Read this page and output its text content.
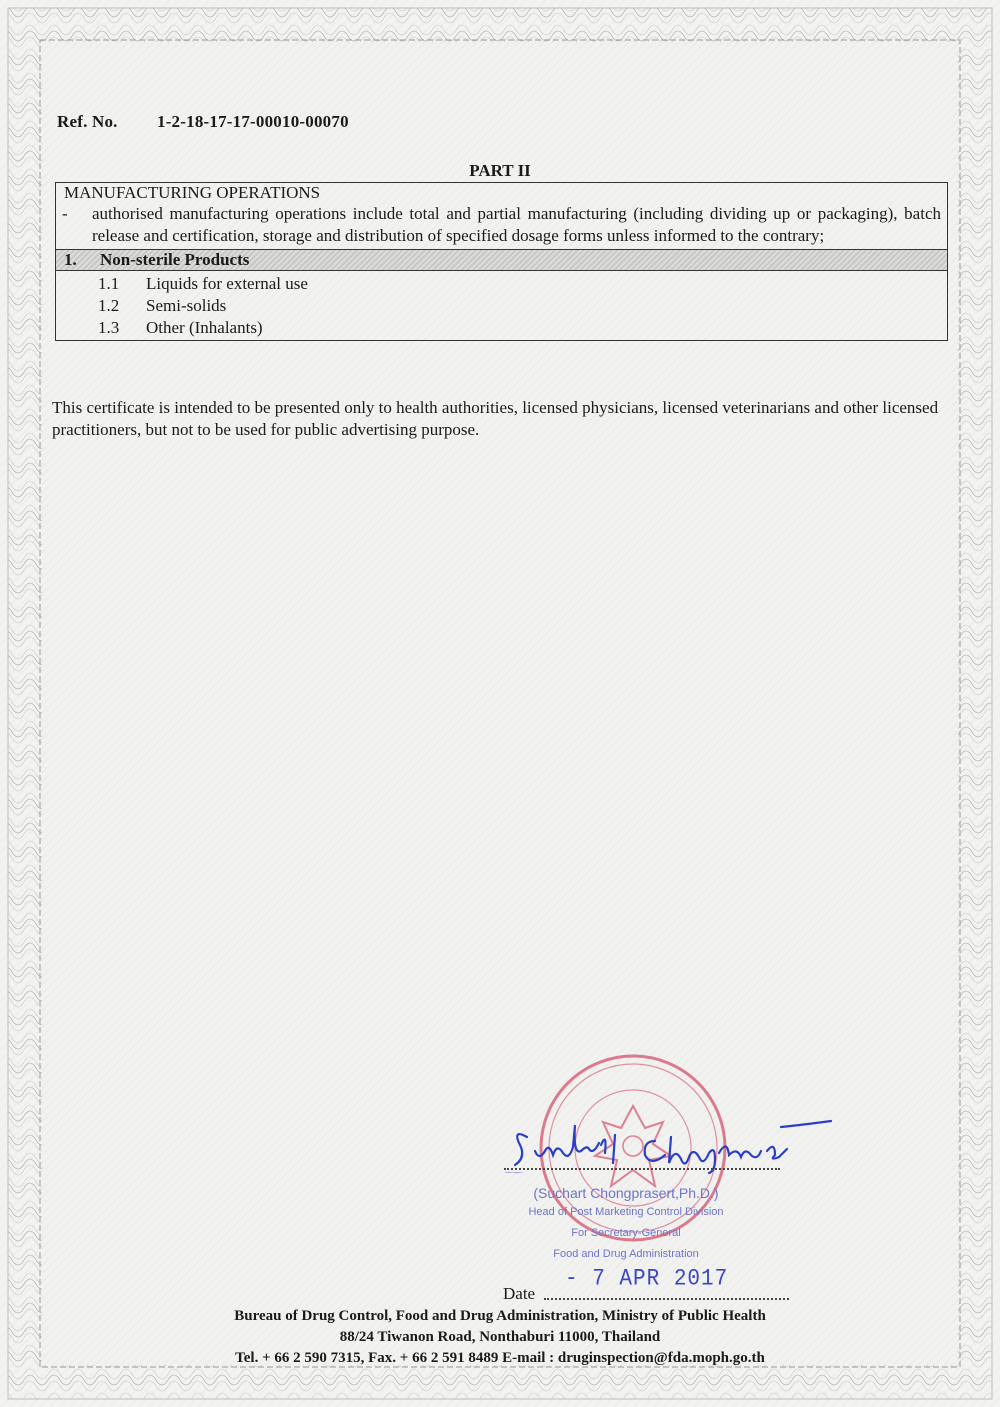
Ref. No. 1-2-18-17-17-00010-00070
PART II
MANUFACTURING OPERATIONS
-	authorised manufacturing operations include total and partial manufacturing (including dividing up or packaging), batch release and certification, storage and distribution of specified dosage forms unless informed to the contrary;
1. Non-sterile Products
1.1 Liquids for external use
1.2 Semi-solids
1.3 Other (Inhalants)
This certificate is intended to be presented only to health authorities, licensed physicians, licensed veterinarians and other licensed practitioners, but not to be used for public advertising purpose.
Suchart Chongprasert
(Suchart Chongprasert,Ph.D.)
Head of Post Marketing Control Division
For Secretary-General
Food and Drug Administration
Date
- 7 APR 2017
Bureau of Drug Control, Food and Drug Administration, Ministry of Public Health
88/24 Tiwanon Road, Nonthaburi 11000, Thailand
Tel. + 66 2 590 7315, Fax. + 66 2 591 8489 E-mail : druginspection@fda.moph.go.th
